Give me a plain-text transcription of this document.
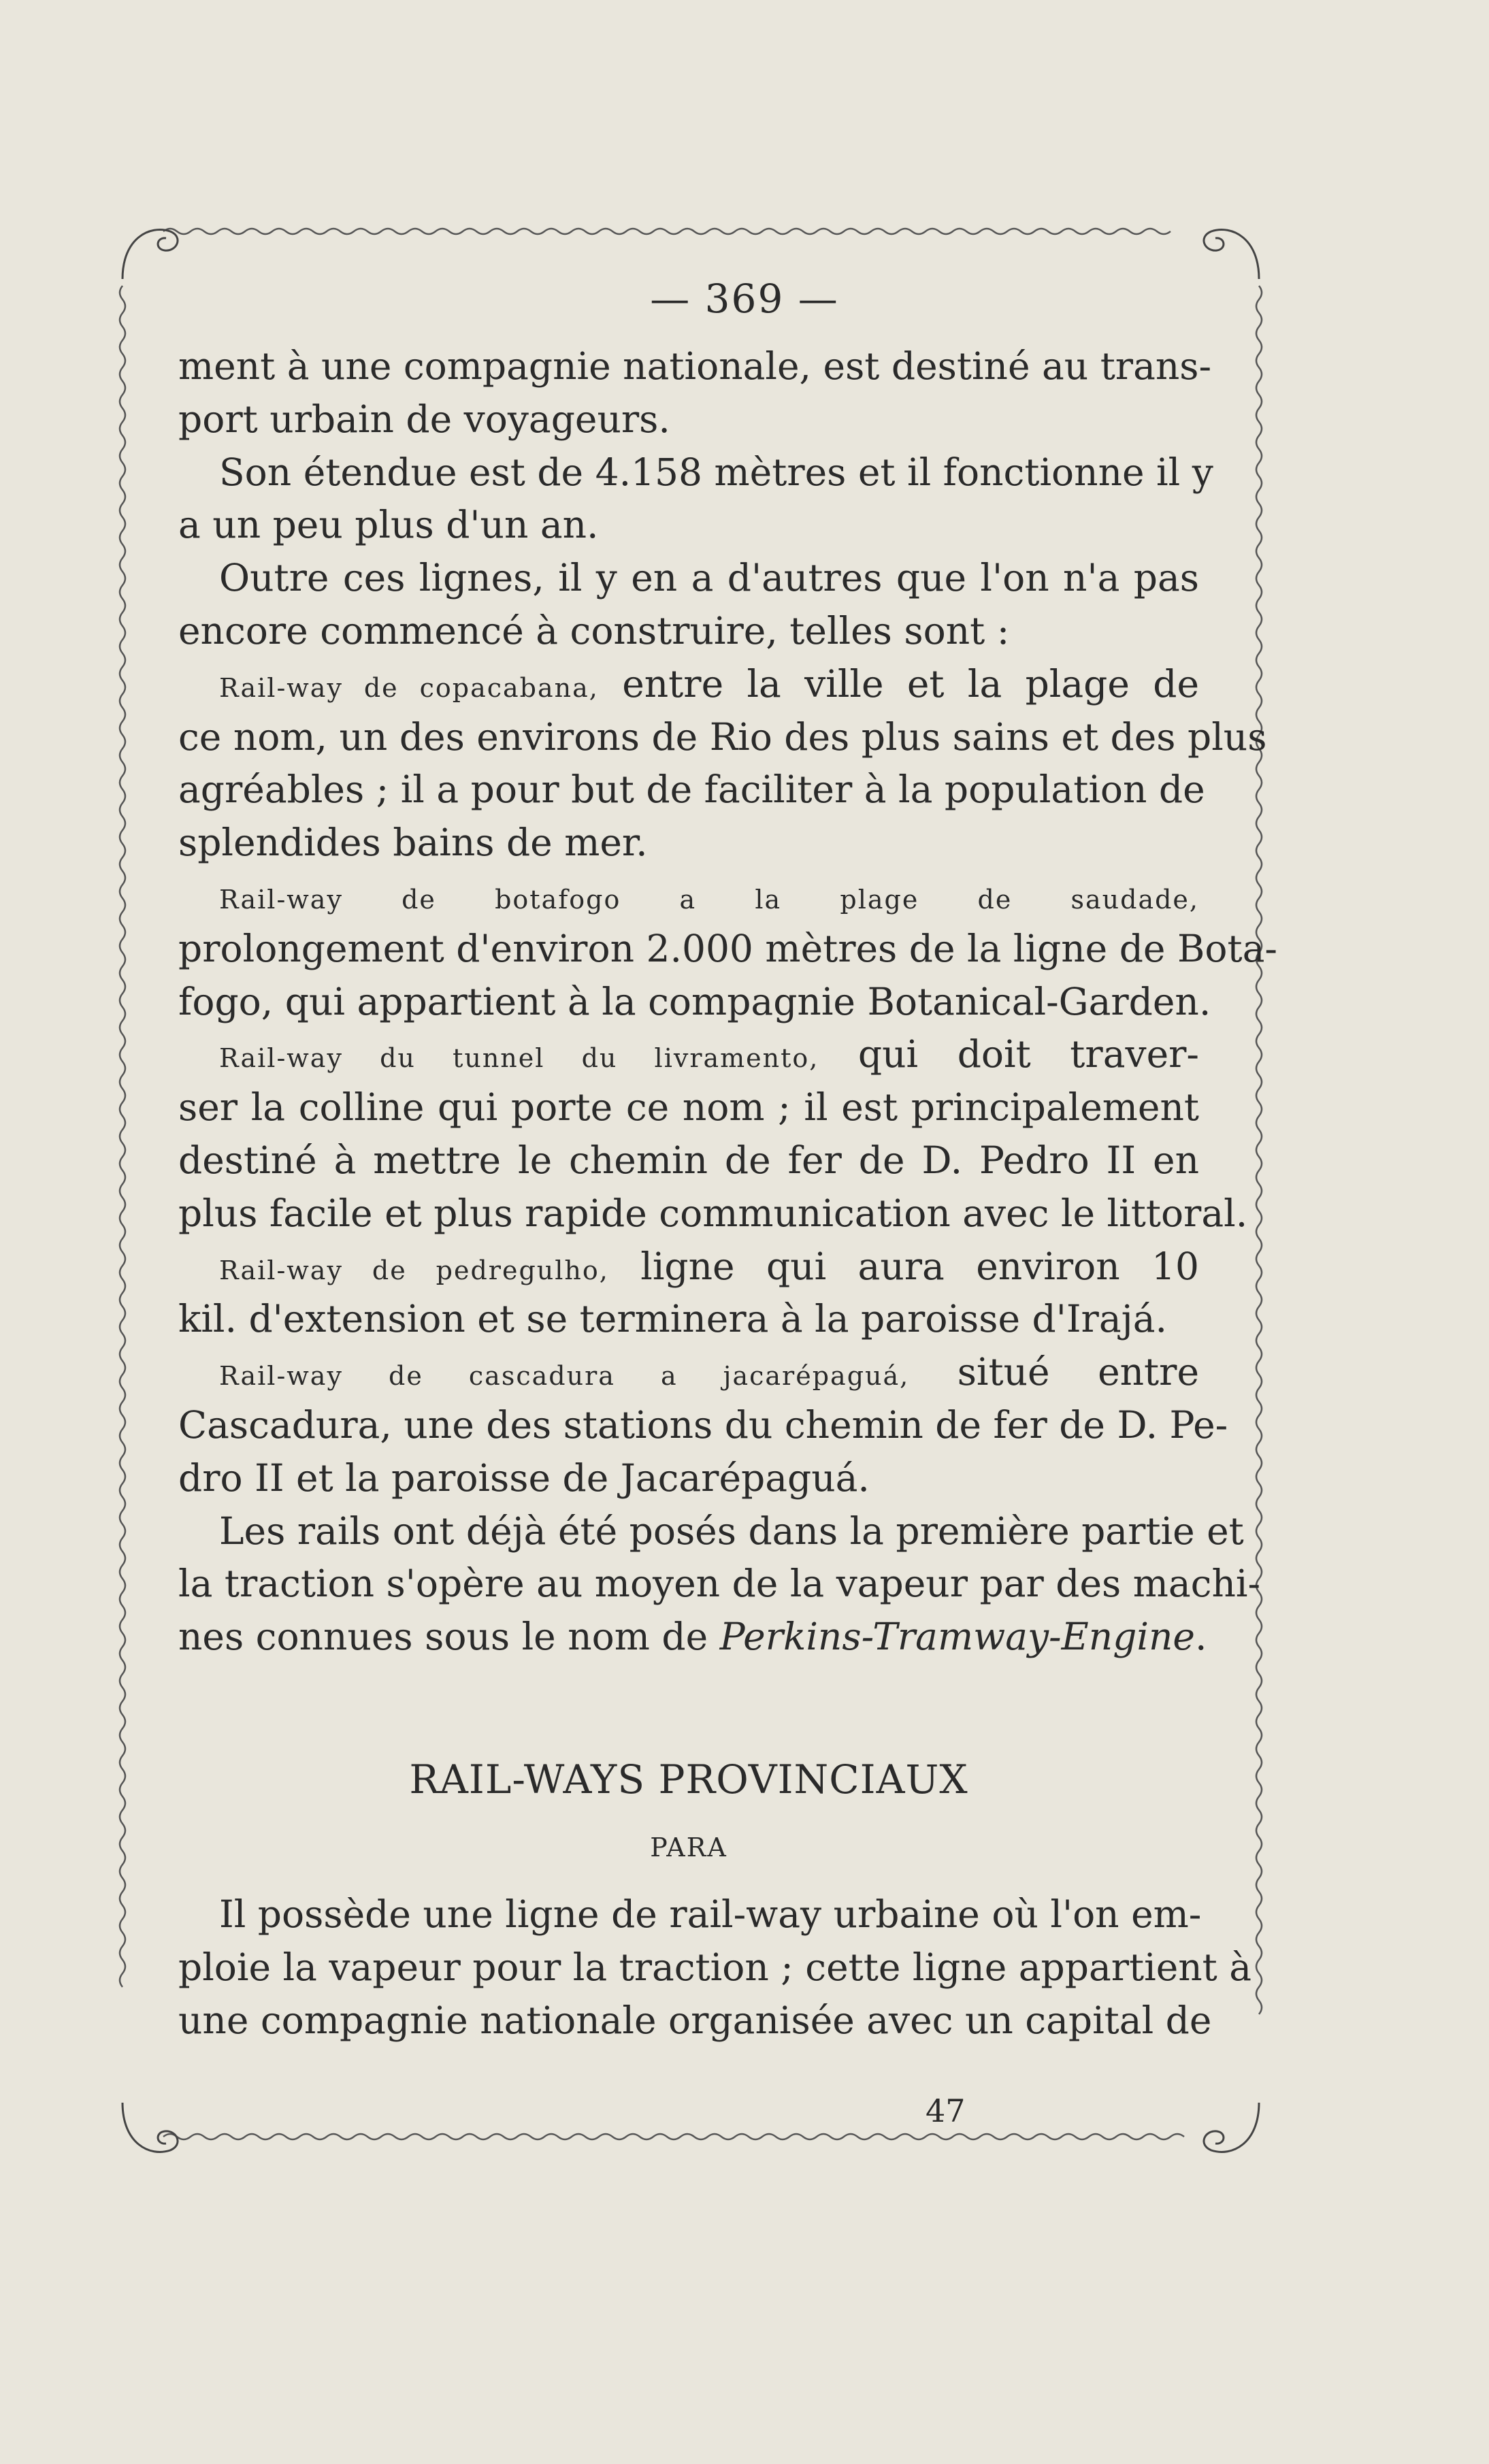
— 369 —
ment à une compagnie nationale, est destiné au trans-
port urbain de voyageurs.
Son étendue est de 4.158 mètres et il fonctionne il y
a un peu plus d'un an.
Outre ces lignes, il y en a d'autres que l'on n'a pas
encore commencé à construire, telles sont :
Rail-way de copacabana, entre la ville et la plage de
ce nom, un des environs de Rio des plus sains et des plus
agréables ; il a pour but de faciliter à la population de
splendides bains de mer.
Rail-way de botafogo a la plage de saudade,
prolongement d'environ 2.000 mètres de la ligne de Bota-
fogo, qui appartient à la compagnie Botanical-Garden.
Rail-way du tunnel du livramento, qui doit traver-
ser la colline qui porte ce nom ; il est principalement
destiné à mettre le chemin de fer de D. Pedro II en
plus facile et plus rapide communication avec le littoral.
Rail-way de pedregulho, ligne qui aura environ 10
kil. d'extension et se terminera à la paroisse d'Irajá.
Rail-way de cascadura a jacarépaguá, situé entre
Cascadura, une des stations du chemin de fer de D. Pe-
dro II et la paroisse de Jacarépaguá.
Les rails ont déjà été posés dans la première partie et
la traction s'opère au moyen de la vapeur par des machi-
nes connues sous le nom de Perkins-Tramway-Engine.
RAIL-WAYS PROVINCIAUX
PARA
Il possède une ligne de rail-way urbaine où l'on em-
ploie la vapeur pour la traction ; cette ligne appartient à
une compagnie nationale organisée avec un capital de
47
